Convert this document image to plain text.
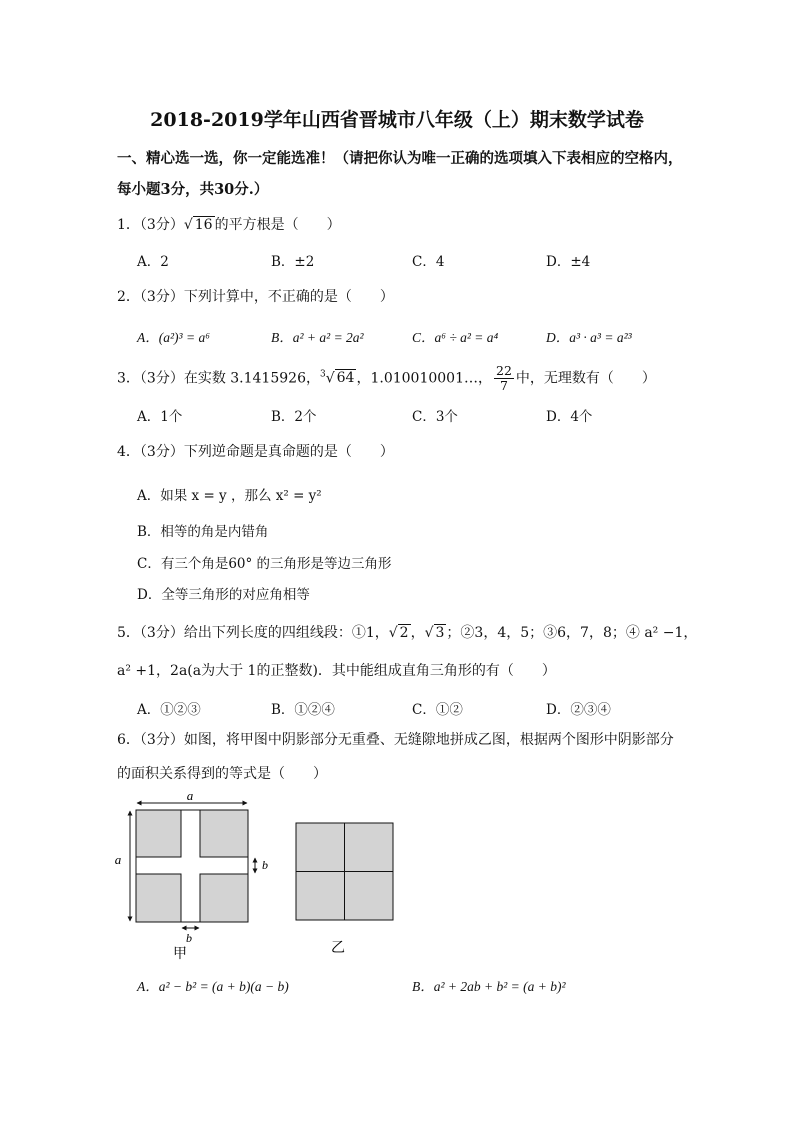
2018-2019学年山西省晋城市八年级（上）期末数学试卷
一、精心选一选，你一定能选准！（请把你认为唯一正确的选项填入下表相应的空格内，
每小题3分，共30分.）
1．（3分）√ 16 的平方根是（　　）
A．2	B．±2	C．4	D．±4
2．（3分）下列计算中，不正确的是（　　）
A．(a²)³ = a⁶	B．a² + a² = 2a²	C．a⁶ ÷ a² = a⁴	D．a³ · a³ = a²³
3．（3分）在实数 3.1415926，$^3$√ 64 ，1.010010001…， $\frac{22}{7}$ 中，无理数有（　　）
A．1个	B．2个	C．3个	D．4个
4．（3分）下列逆命题是真命题的是（　　）
A．如果 x = y ，那么 x² = y²
B．相等的角是内错角
C．有三个角是60° 的三角形是等边三角形
D．全等三角形的对应角相等
5．（3分）给出下列长度的四组线段：①1，√ 2 ，√ 3 ；②3，4，5；③6，7，8；④ a² −1，
a² +1，2a(a为大于 1的正整数)．其中能组成直角三角形的有（　　）
A．①②③	B．①②④	C．①②	D．②③④
6．（3分）如图，将甲图中阴影部分无重叠、无缝隙地拼成乙图，根据两个图形中阴影部分
的面积关系得到的等式是（　　）
a
a	b
b
甲	乙
A．a² − b² = (a + b)(a − b)	B．a² + 2ab + b² = (a + b)²
